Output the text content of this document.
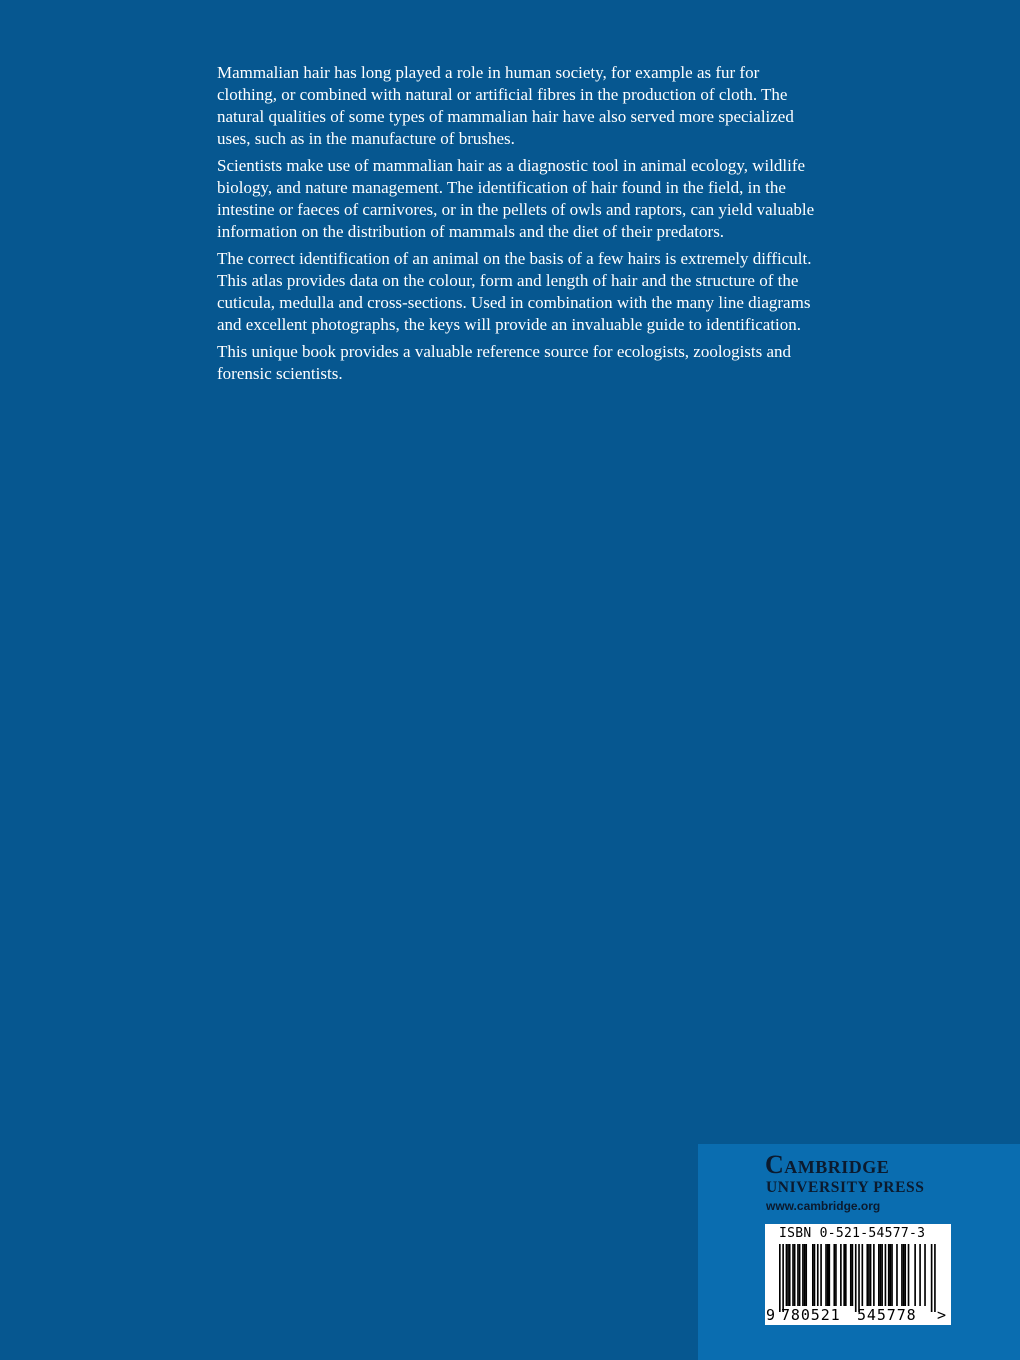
Mammalian hair has long played a role in human society, for example as fur for clothing, or combined with natural or artificial fibres in the production of cloth. The natural qualities of some types of mammalian hair have also served more specialized uses, such as in the manufacture of brushes.

Scientists make use of mammalian hair as a diagnostic tool in animal ecology, wildlife biology, and nature management. The identification of hair found in the field, in the intestine or faeces of carnivores, or in the pellets of owls and raptors, can yield valuable information on the distribution of mammals and the diet of their predators.

The correct identification of an animal on the basis of a few hairs is extremely difficult. This atlas provides data on the colour, form and length of hair and the structure of the cuticula, medulla and cross-sections. Used in combination with the many line diagrams and excellent photographs, the keys will provide an invaluable guide to identification.

This unique book provides a valuable reference source for ecologists, zoologists and forensic scientists.

Cambridge
UNIVERSITY PRESS
www.cambridge.org
ISBN 0-521-54577-3
9 780521 545778 >
